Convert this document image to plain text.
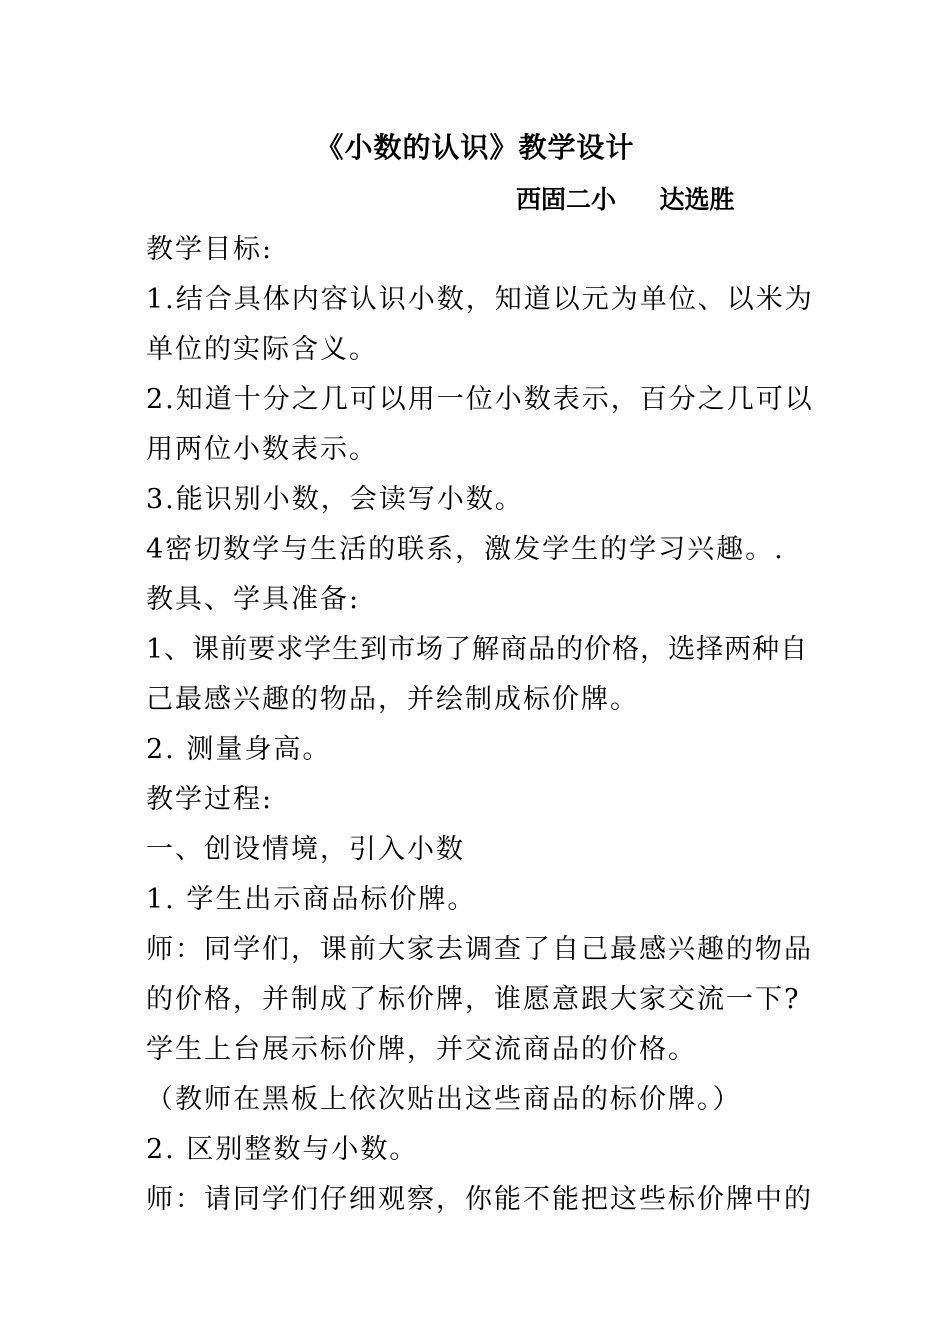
《小数的认识》教学设计
西固二小     达选胜
教学目标:
1.结合具体内容认识小数，知道以元为单位、以米为
单位的实际含义。
2.知道十分之几可以用一位小数表示，百分之几可以
用两位小数表示。
3.能识别小数，会读写小数。
4密切数学与生活的联系，激发学生的学习兴趣。.
教具、学具准备:
1、课前要求学生到市场了解商品的价格，选择两种自
己最感兴趣的物品，并绘制成标价牌。
2. 测量身高。
教学过程:
一、创设情境，引入小数
1. 学生出示商品标价牌。
师：同学们，课前大家去调查了自己最感兴趣的物品
的价格，并制成了标价牌，谁愿意跟大家交流一下?
学生上台展示标价牌，并交流商品的价格。
（教师在黑板上依次贴出这些商品的标价牌。）
2. 区别整数与小数。
师：请同学们仔细观察，你能不能把这些标价牌中的
